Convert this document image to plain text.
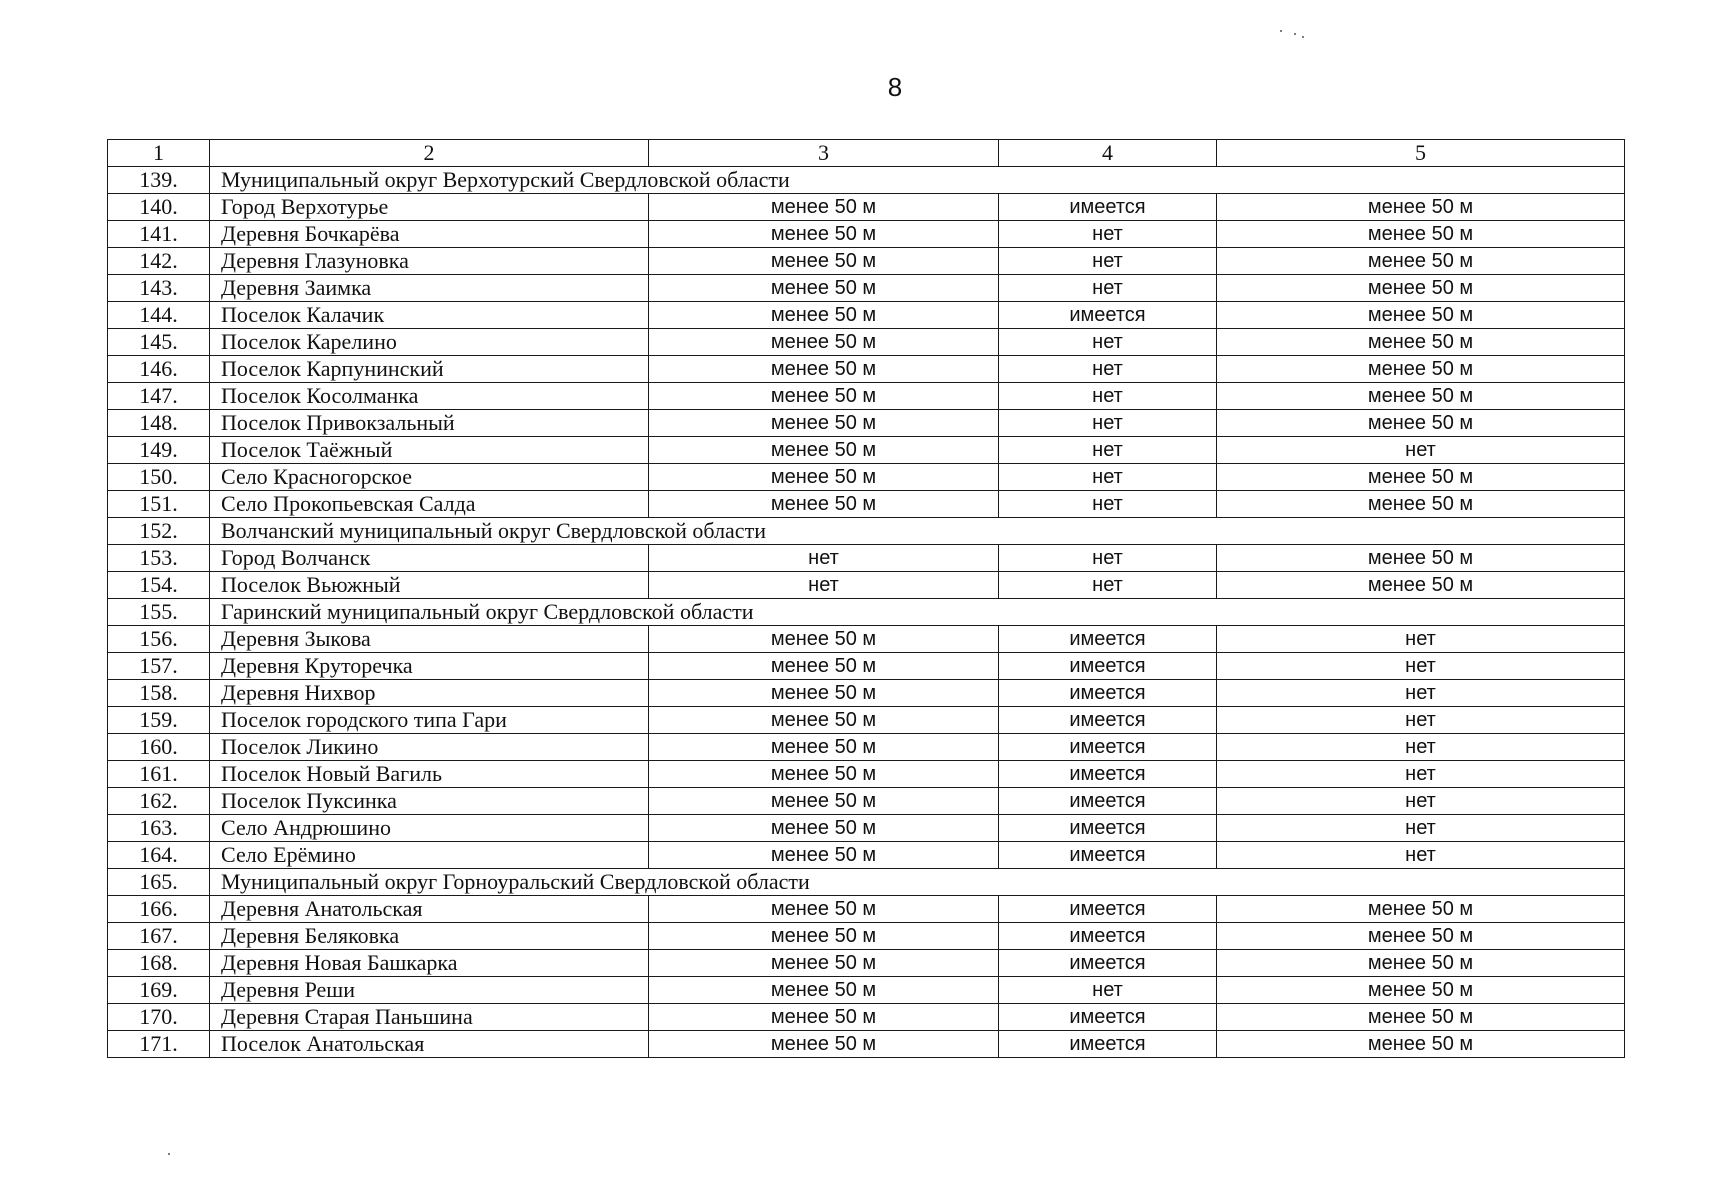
8
1	2	3	4	5
139.	Муниципальный округ Верхотурский Свердловской области			
140.	Город Верхотурье	менее 50 м	имеется	менее 50 м
141.	Деревня Бочкарёва	менее 50 м	нет	менее 50 м
142.	Деревня Глазуновка	менее 50 м	нет	менее 50 м
143.	Деревня Заимка	менее 50 м	нет	менее 50 м
144.	Поселок Калачик	менее 50 м	имеется	менее 50 м
145.	Поселок Карелино	менее 50 м	нет	менее 50 м
146.	Поселок Карпунинский	менее 50 м	нет	менее 50 м
147.	Поселок Косолманка	менее 50 м	нет	менее 50 м
148.	Поселок Привокзальный	менее 50 м	нет	менее 50 м
149.	Поселок Таёжный	менее 50 м	нет	нет
150.	Село Красногорское	менее 50 м	нет	менее 50 м
151.	Село Прокопьевская Салда	менее 50 м	нет	менее 50 м
152.	Волчанский муниципальный округ Свердловской области			
153.	Город Волчанск	нет	нет	менее 50 м
154.	Поселок Вьюжный	нет	нет	менее 50 м
155.	Гаринский муниципальный округ Свердловской области			
156.	Деревня Зыкова	менее 50 м	имеется	нет
157.	Деревня Круторечка	менее 50 м	имеется	нет
158.	Деревня Нихвор	менее 50 м	имеется	нет
159.	Поселок городского типа Гари	менее 50 м	имеется	нет
160.	Поселок Ликино	менее 50 м	имеется	нет
161.	Поселок Новый Вагиль	менее 50 м	имеется	нет
162.	Поселок Пуксинка	менее 50 м	имеется	нет
163.	Село Андрюшино	менее 50 м	имеется	нет
164.	Село Ерёмино	менее 50 м	имеется	нет
165.	Муниципальный округ Горноуральский Свердловской области			
166.	Деревня Анатольская	менее 50 м	имеется	менее 50 м
167.	Деревня Беляковка	менее 50 м	имеется	менее 50 м
168.	Деревня Новая Башкарка	менее 50 м	имеется	менее 50 м
169.	Деревня Реши	менее 50 м	нет	менее 50 м
170.	Деревня Старая Паньшина	менее 50 м	имеется	менее 50 м
171.	Поселок Анатольская	менее 50 м	имеется	менее 50 м
